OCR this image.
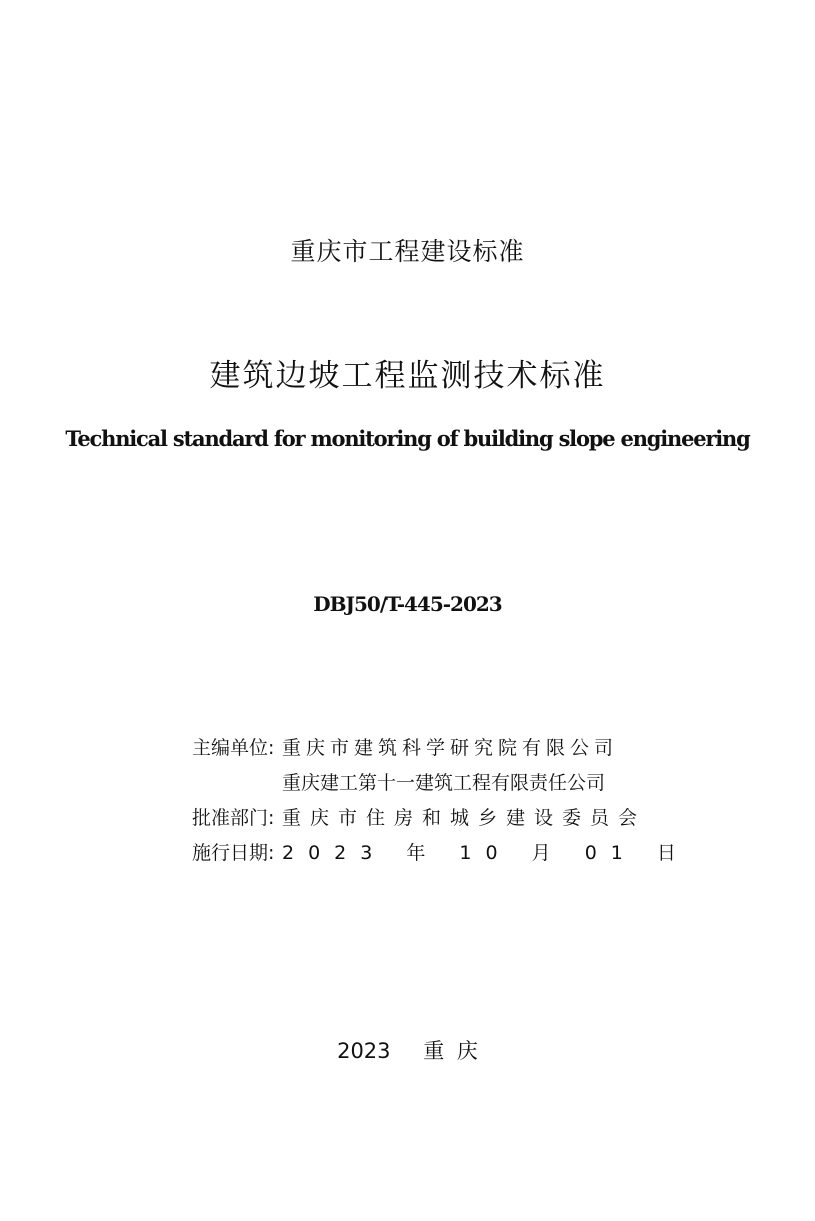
重庆市工程建设标准
建筑边坡工程监测技术标准
Technical standard for monitoring of building slope engineering
DBJ50/T-445-2023
主编单位: 重庆市建筑科学研究院有限公司
重庆建工第十一建筑工程有限责任公司
批准部门: 重庆市住房和城乡建设委员会
施行日期: 2023 年 10 月 01 日
2023 重 庆
